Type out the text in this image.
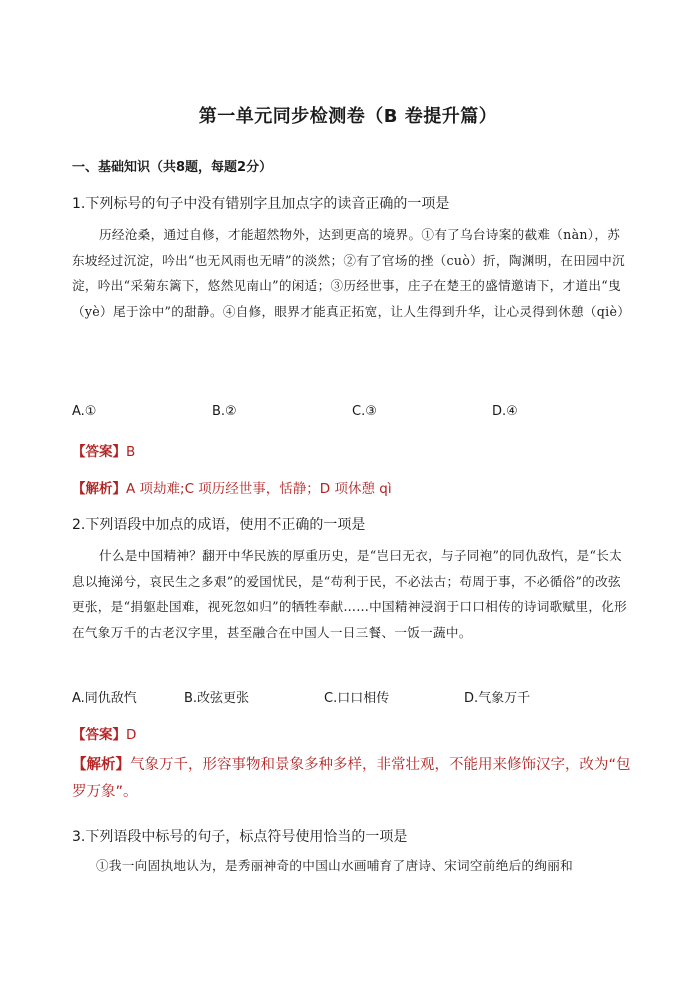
第一单元同步检测卷（B 卷提升篇）
一、基础知识（共8题，每题2分）
1.下列标号的句子中没有错别字且加点字的读音正确的一项是

历经沧桑，通过自修，才能超然物外，达到更高的境界。①有了乌台诗案的截难（nàn），苏东坡经过沉淀，吟出“也无风雨也无晴”的淡然；②有了官场的挫（cuò）折，陶渊明，在田园中沉淀，吟出“采菊东篱下，悠然见南山”的闲适；③历经世事，庄子在楚王的盛情邀请下，才道出“曳（yè）尾于涂中”的甜静。④自修，眼界才能真正拓宽，让人生得到升华，让心灵得到休憩（qiè）

A.①	B.②	C.③	D.④
【答案】B
【解析】A 项劫难;C 项历经世事，恬静；D 项休憩 qì
2.下列语段中加点的成语，使用不正确的一项是

什么是中国精神？翻开中华民族的厚重历史，是“岂曰无衣，与子同袍”的同仇敌忾，是“长太息以掩涕兮，哀民生之多艰”的爱国忧民，是“苟利于民，不必法古；苟周于事，不必循俗”的改弦更张，是“捐躯赴国难，视死忽如归”的牺牲奉献……中国精神浸润于口口相传的诗词歌赋里，化形在气象万千的古老汉字里，甚至融合在中国人一日三餐、一饭一蔬中。

A.同仇敌忾	B.改弦更张	C.口口相传	D.气象万千
【答案】D
【解析】气象万千，形容事物和景象多种多样，非常壮观，不能用来修饰汉字，改为“包罗万象”。
3.下列语段中标号的句子，标点符号使用恰当的一项是

①我一向固执地认为，是秀丽神奇的中国山水画哺育了唐诗、宋词空前绝后的绚丽和
